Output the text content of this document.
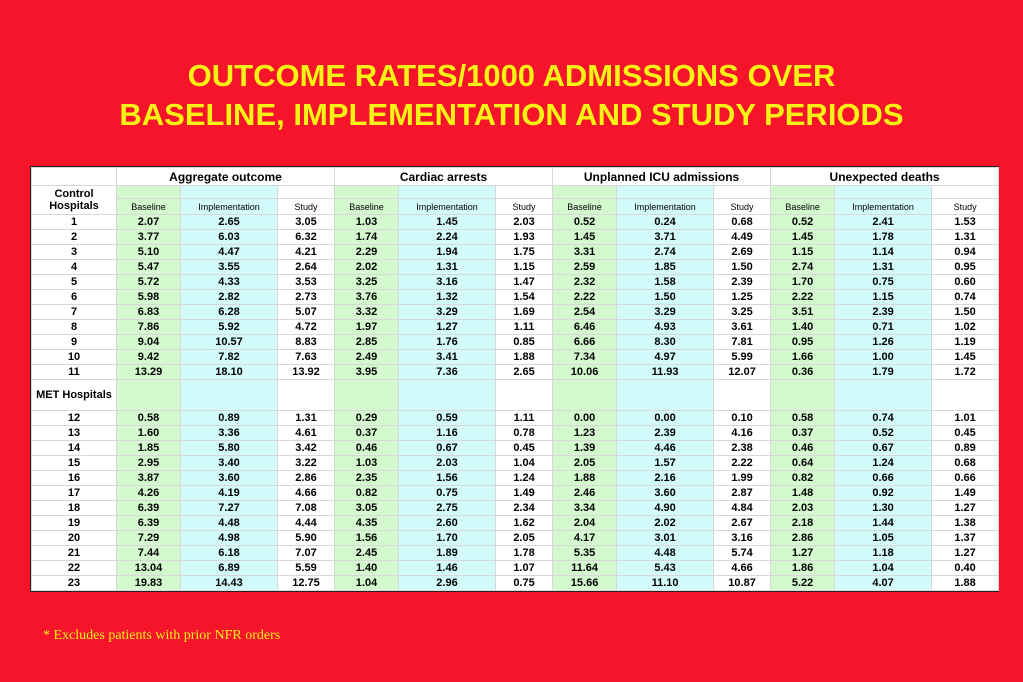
OUTCOME RATES/1000 ADMISSIONS OVER
BASELINE, IMPLEMENTATION AND STUDY PERIODS
	Aggregate outcome			Cardiac arrests			Unplanned ICU admissions			Unexpected deaths		
Control Hospitals												
	Baseline	Implementation	Study	Baseline	Implementation	Study	Baseline	Implementation	Study	Baseline	Implementation	Study
1	2.07	2.65	3.05	1.03	1.45	2.03	0.52	0.24	0.68	0.52	2.41	1.53
2	3.77	6.03	6.32	1.74	2.24	1.93	1.45	3.71	4.49	1.45	1.78	1.31
3	5.10	4.47	4.21	2.29	1.94	1.75	3.31	2.74	2.69	1.15	1.14	0.94
4	5.47	3.55	2.64	2.02	1.31	1.15	2.59	1.85	1.50	2.74	1.31	0.95
5	5.72	4.33	3.53	3.25	3.16	1.47	2.32	1.58	2.39	1.70	0.75	0.60
6	5.98	2.82	2.73	3.76	1.32	1.54	2.22	1.50	1.25	2.22	1.15	0.74
7	6.83	6.28	5.07	3.32	3.29	1.69	2.54	3.29	3.25	3.51	2.39	1.50
8	7.86	5.92	4.72	1.97	1.27	1.11	6.46	4.93	3.61	1.40	0.71	1.02
9	9.04	10.57	8.83	2.85	1.76	0.85	6.66	8.30	7.81	0.95	1.26	1.19
10	9.42	7.82	7.63	2.49	3.41	1.88	7.34	4.97	5.99	1.66	1.00	1.45
11	13.29	18.10	13.92	3.95	7.36	2.65	10.06	11.93	12.07	0.36	1.79	1.72
MET Hospitals												
12	0.58	0.89	1.31	0.29	0.59	1.11	0.00	0.00	0.10	0.58	0.74	1.01
13	1.60	3.36	4.61	0.37	1.16	0.78	1.23	2.39	4.16	0.37	0.52	0.45
14	1.85	5.80	3.42	0.46	0.67	0.45	1.39	4.46	2.38	0.46	0.67	0.89
15	2.95	3.40	3.22	1.03	2.03	1.04	2.05	1.57	2.22	0.64	1.24	0.68
16	3.87	3.60	2.86	2.35	1.56	1.24	1.88	2.16	1.99	0.82	0.66	0.66
17	4.26	4.19	4.66	0.82	0.75	1.49	2.46	3.60	2.87	1.48	0.92	1.49
18	6.39	7.27	7.08	3.05	2.75	2.34	3.34	4.90	4.84	2.03	1.30	1.27
19	6.39	4.48	4.44	4.35	2.60	1.62	2.04	2.02	2.67	2.18	1.44	1.38
20	7.29	4.98	5.90	1.56	1.70	2.05	4.17	3.01	3.16	2.86	1.05	1.37
21	7.44	6.18	7.07	2.45	1.89	1.78	5.35	4.48	5.74	1.27	1.18	1.27
22	13.04	6.89	5.59	1.40	1.46	1.07	11.64	5.43	4.66	1.86	1.04	0.40
23	19.83	14.43	12.75	1.04	2.96	0.75	15.66	11.10	10.87	5.22	4.07	1.88
* Excludes patients with prior NFR orders
